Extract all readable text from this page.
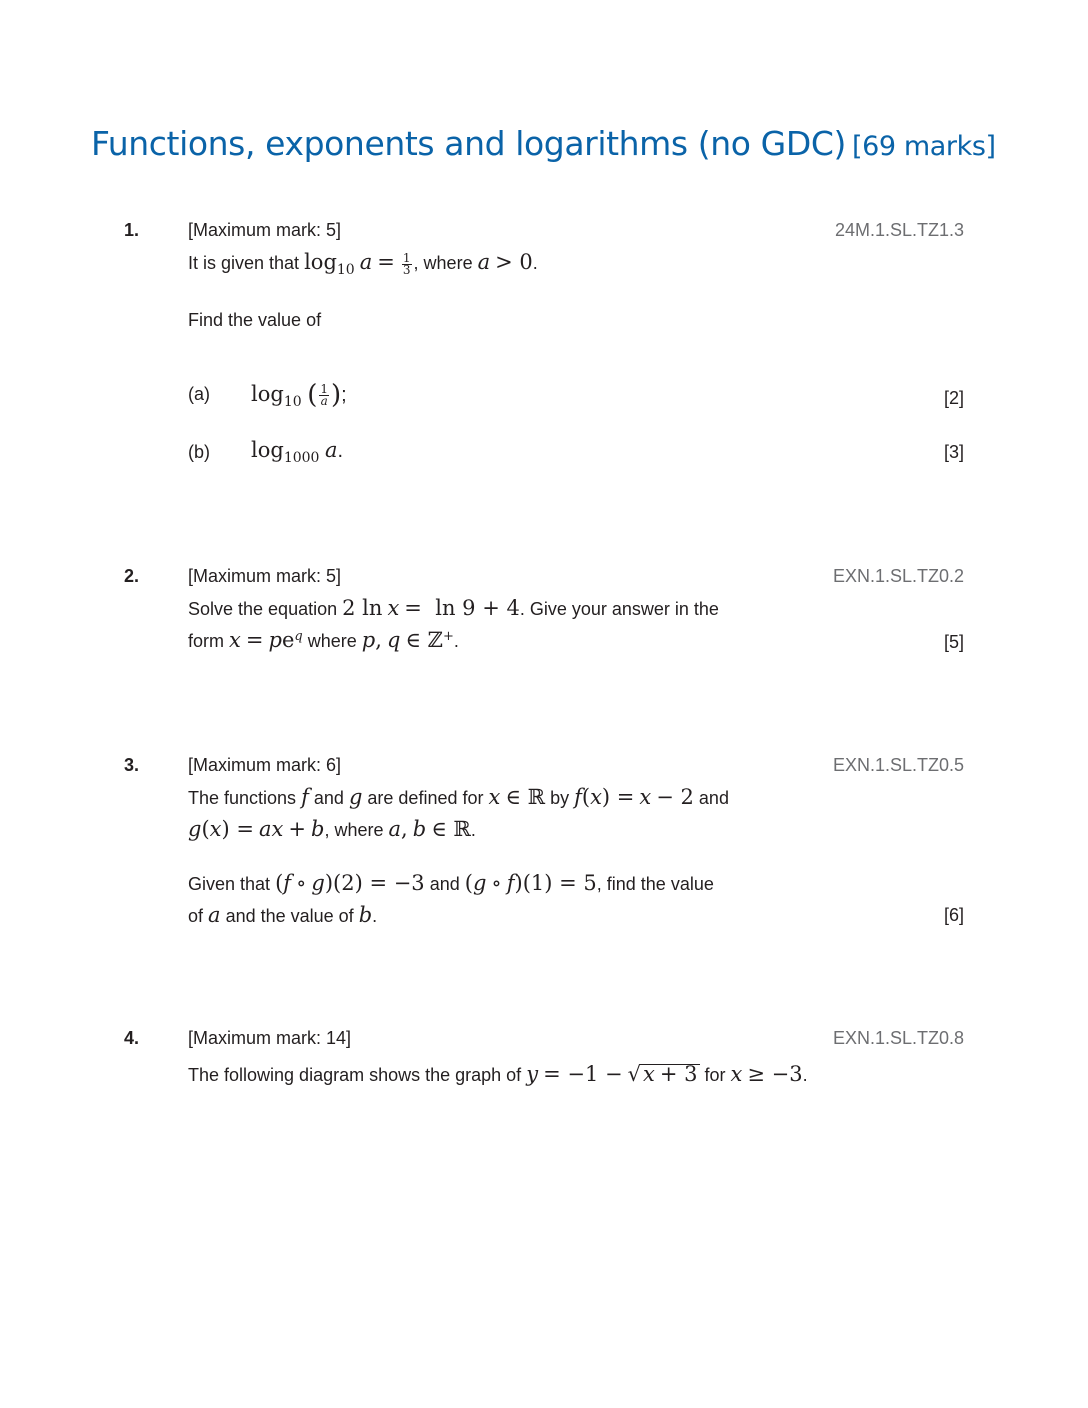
Functions, exponents and logarithms (no GDC) [69 marks]
1.	[Maximum mark: 5]	24M.1.SL.TZ1.3
It is given that $\log_{10} a = \frac{1}{3}$ , where a > 0.
Find the value of
(a) $\log_{10}$ ( $\frac{1}{a}$ );	[2]
(b) $\log_{1000} a$.	[3]
2.	[Maximum mark: 5]	EXN.1.SL.TZ0.2
Solve the equation 2 ln x =  ln 9 + 4. Give your answer in the
form $x = pe^q$ where p, q ∈ ℤ+.	[5]
3.	[Maximum mark: 6]	EXN.1.SL.TZ0.5
The functions f and g are defined for x ∈ ℝ by f(x) = x − 2 and
g(x) = ax + b, where a, b ∈ ℝ.
Given that (f ∘ g)(2) = −3 and (g ∘ f)(1) = 5, find the value
of a and the value of b.	[6]
4.	[Maximum mark: 14]	EXN.1.SL.TZ0.8
The following diagram shows the graph of y = −1 − √x + 3 for x ≥ −3.
